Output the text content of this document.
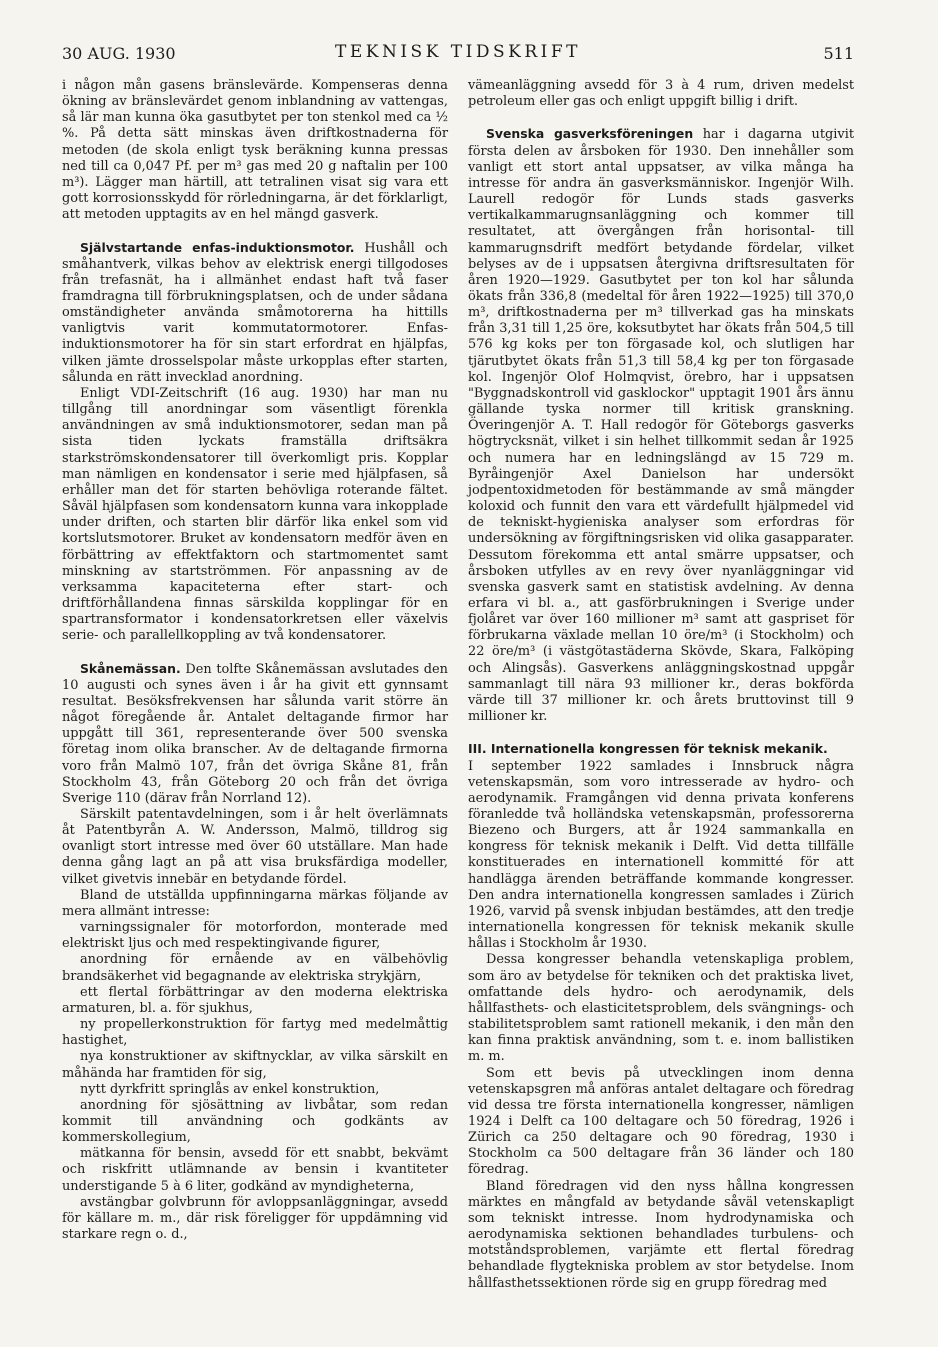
30 AUG. 1930	TEKNISK TIDSKRIFT	511

i någon mån gasens bränslevärde. Kompenseras denna ökning av bränslevärdet genom inblandning av vattengas, så lär man kunna öka gasutbytet per ton stenkol med ca ½ %. På detta sätt minskas även driftkostnaderna för metoden (de skola enligt tysk beräkning kunna pressas ned till ca 0,047 Pf. per m³ gas med 20 g naftalin per 100 m³). Lägger man härtill, att tetralinen visat sig vara ett gott korrosionsskydd för rörledningarna, är det förklarligt, att metoden upptagits av en hel mängd gasverk.

Självstartande enfas-induktionsmotor. Hushåll och småhantverk, vilkas behov av elektrisk energi tillgodoses från trefasnät, ha i allmänhet endast haft två faser framdragna till förbrukningsplatsen, och de under sådana omständigheter använda småmotorerna ha hittills vanligtvis varit kommutatormotorer. Enfas-induktionsmotorer ha för sin start erfordrat en hjälpfas, vilken jämte drosselspolar måste urkopplas efter starten, sålunda en rätt invecklad anordning.

Enligt VDI-Zeitschrift (16 aug. 1930) har man nu tillgång till anordningar som väsentligt förenkla användningen av små induktionsmotorer, sedan man på sista tiden lyckats framställa driftsäkra starkströmskondensatorer till överkomligt pris. Kopplar man nämligen en kondensator i serie med hjälpfasen, så erhåller man det för starten behövliga roterande fältet. Såväl hjälpfasen som kondensatorn kunna vara inkopplade under driften, och starten blir därför lika enkel som vid kortslutsmotorer. Bruket av kondensatorn medför även en förbättring av effektfaktorn och startmomentet samt minskning av startströmmen. För anpassning av de verksamma kapaciteterna efter start- och driftförhållandena finnas särskilda kopplingar för en spartransformator i kondensatorkretsen eller växelvis serie- och parallellkoppling av två kondensatorer.

Skånemässan. Den tolfte Skånemässan avslutades den 10 augusti och synes även i år ha givit ett gynnsamt resultat. Besöksfrekvensen har sålunda varit större än något föregående år. Antalet deltagande firmor har uppgått till 361, representerande över 500 svenska företag inom olika branscher. Av de deltagande firmorna voro från Malmö 107, från det övriga Skåne 81, från Stockholm 43, från Göteborg 20 och från det övriga Sverige 110 (därav från Norrland 12).

Särskilt patentavdelningen, som i år helt överlämnats åt Patentbyrån A. W. Andersson, Malmö, tilldrog sig ovanligt stort intresse med över 60 utställare. Man hade denna gång lagt an på att visa bruksfärdiga modeller, vilket givetvis innebär en betydande fördel.

Bland de utställda uppfinningarna märkas följande av mera allmänt intresse:

varningssignaler för motorfordon, monterade med elektriskt ljus och med respektingivande figurer,

anordning för ernående av en välbehövlig brandsäkerhet vid begagnande av elektriska strykjärn,

ett flertal förbättringar av den moderna elektriska armaturen, bl. a. för sjukhus,

ny propellerkonstruktion för fartyg med medelmåttig hastighet,

nya konstruktioner av skiftnycklar, av vilka särskilt en måhända har framtiden för sig,

nytt dyrkfritt springlås av enkel konstruktion,

anordning för sjösättning av livbåtar, som redan kommit till användning och godkänts av kommerskollegium,

mätkanna för bensin, avsedd för ett snabbt, bekvämt och riskfritt utlämnande av bensin i kvantiteter understigande 5 à 6 liter, godkänd av myndigheterna,

avstängbar golvbrunn för avloppsanläggningar, avsedd för källare m. m., där risk föreligger för uppdämning vid starkare regn o. d.,

vämeanläggning avsedd för 3 à 4 rum, driven medelst petroleum eller gas och enligt uppgift billig i drift.

Svenska gasverksföreningen har i dagarna utgivit första delen av årsboken för 1930. Den innehåller som vanligt ett stort antal uppsatser, av vilka många ha intresse för andra än gasverksmänniskor. Ingenjör Wilh. Laurell redogör för Lunds stads gasverks vertikalkammarugnsanläggning och kommer till resultatet, att övergången från horisontal- till kammarugnsdrift medfört betydande fördelar, vilket belyses av de i uppsatsen återgivna driftsresultaten för åren 1920—1929. Gasutbytet per ton kol har sålunda ökats från 336,8 (medeltal för åren 1922—1925) till 370,0 m³, driftkostnaderna per m³ tillverkad gas ha minskats från 3,31 till 1,25 öre, koksutbytet har ökats från 504,5 till 576 kg koks per ton förgasade kol, och slutligen har tjärutbytet ökats från 51,3 till 58,4 kg per ton förgasade kol. Ingenjör Olof Holmqvist, örebro, har i uppsatsen "Byggnadskontroll vid gasklockor" upptagit 1901 års ännu gällande tyska normer till kritisk granskning. Överingenjör A. T. Hall redogör för Göteborgs gasverks högtrycksnät, vilket i sin helhet tillkommit sedan år 1925 och numera har en ledningslängd av 15 729 m. Byråingenjör Axel Danielson har undersökt jodpentoxidmetoden för bestämmande av små mängder koloxid och funnit den vara ett värdefullt hjälpmedel vid de tekniskt-hygieniska analyser som erfordras för undersökning av förgiftningsrisken vid olika gasapparater. Dessutom förekomma ett antal smärre uppsatser, och årsboken utfylles av en revy över nyanläggningar vid svenska gasverk samt en statistisk avdelning. Av denna erfara vi bl. a., att gasförbrukningen i Sverige under fjolåret var över 160 millioner m³ samt att gaspriset för förbrukarna växlade mellan 10 öre/m³ (i Stockholm) och 22 öre/m³ (i västgötastäderna Skövde, Skara, Falköping och Alingsås). Gasverkens anläggningskostnad uppgår sammanlagt till nära 93 millioner kr., deras bokförda värde till 37 millioner kr. och årets bruttovinst till 9 millioner kr.

III. Internationella kongressen för teknisk mekanik.

I september 1922 samlades i Innsbruck några vetenskapsmän, som voro intresserade av hydro- och aerodynamik. Framgången vid denna privata konferens föranledde två holländska vetenskapsmän, professorerna Biezeno och Burgers, att år 1924 sammankalla en kongress för teknisk mekanik i Delft. Vid detta tillfälle konstituerades en internationell kommitté för att handlägga ärenden beträffande kommande kongresser. Den andra internationella kongressen samlades i Zürich 1926, varvid på svensk inbjudan bestämdes, att den tredje internationella kongressen för teknisk mekanik skulle hållas i Stockholm år 1930.

Dessa kongresser behandla vetenskapliga problem, som äro av betydelse för tekniken och det praktiska livet, omfattande dels hydro- och aerodynamik, dels hållfasthets- och elasticitetsproblem, dels svängnings- och stabilitetsproblem samt rationell mekanik, i den mån den kan finna praktisk användning, som t. e. inom ballistiken m. m.

Som ett bevis på utvecklingen inom denna vetenskapsgren må anföras antalet deltagare och föredrag vid dessa tre första internationella kongresser, nämligen 1924 i Delft ca 100 deltagare och 50 föredrag, 1926 i Zürich ca 250 deltagare och 90 föredrag, 1930 i Stockholm ca 500 deltagare från 36 länder och 180 föredrag.

Bland föredragen vid den nyss hållna kongressen märktes en mångfald av betydande såväl vetenskapligt som tekniskt intresse. Inom hydrodynamiska och aerodynamiska sektionen behandlades turbulens- och motståndsproblemen, varjämte ett flertal föredrag behandlade flygtekniska problem av stor betydelse. Inom hållfasthetssektionen rörde sig en grupp föredrag med
